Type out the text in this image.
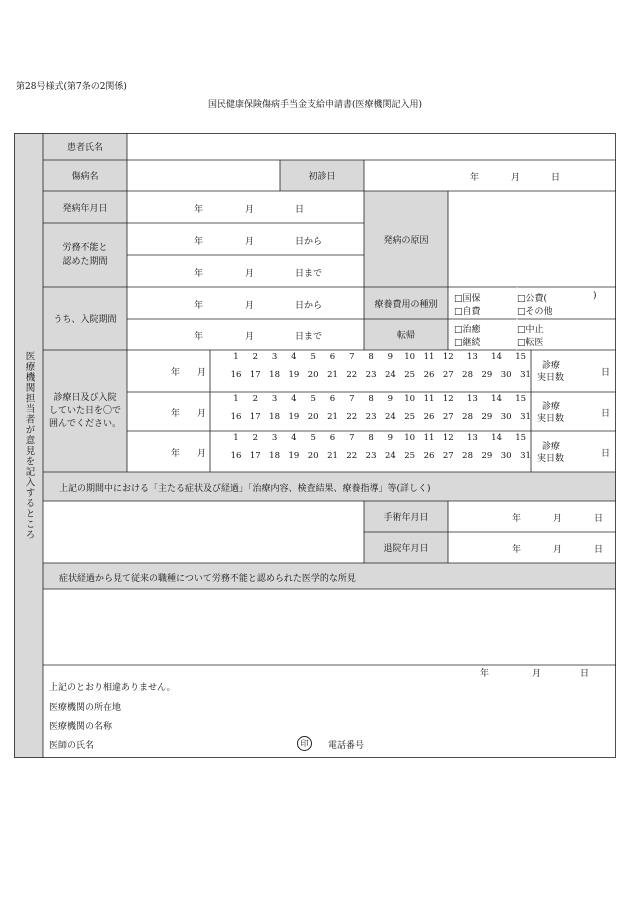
第28号様式(第7条の2関係)
国民健康保険傷病手当金支給申請書(医療機関記入用)
医療機関担当者が意見を記入するところ
患者氏名
傷病名	初診日	年	月	日
発病年月日	年	月	日
発病の原因
労務不能と
認めた期間
年	月	日から
年	月	日まで
うち、入院期間
年	月	日から
年	月	日まで
療養費用の種別
転帰
□国保	□公費(	)
□自費	□その他
□治癒	□中止
□継続	□転医
診療日及び入院
していた日を〇で
囲んでください。
年 月
1	2	3	4	5	6	7	8	9	10 11 12	13	14	15
16 17 18 19 20 21 22 23 24 25 26 27 28 29 30 31
診療
実日数	日
年 月
1	2	3	4	5	6	7	8	9	10 11 12	13	14	15
16 17 18 19 20 21 22 23 24 25 26 27 28 29 30 31
診療
実日数	日
年 月
1	2	3	4	5	6	7	8	9	10 11 12	13	14	15
16 17 18 19 20 21 22 23 24 25 26 27 28 29 30 31
診療
実日数	日
上記の期間中における「主たる症状及び経過」「治療内容、検査結果、療養指導」等(詳しく)
手術年月日	年	月	日
退院年月日	年	月	日
症状経過から見て従来の職種について労務不能と認められた医学的な所見
年	月	日
上記のとおり相違ありません。
医療機関の所在地
医療機関の名称
医師の氏名	印 電話番号
